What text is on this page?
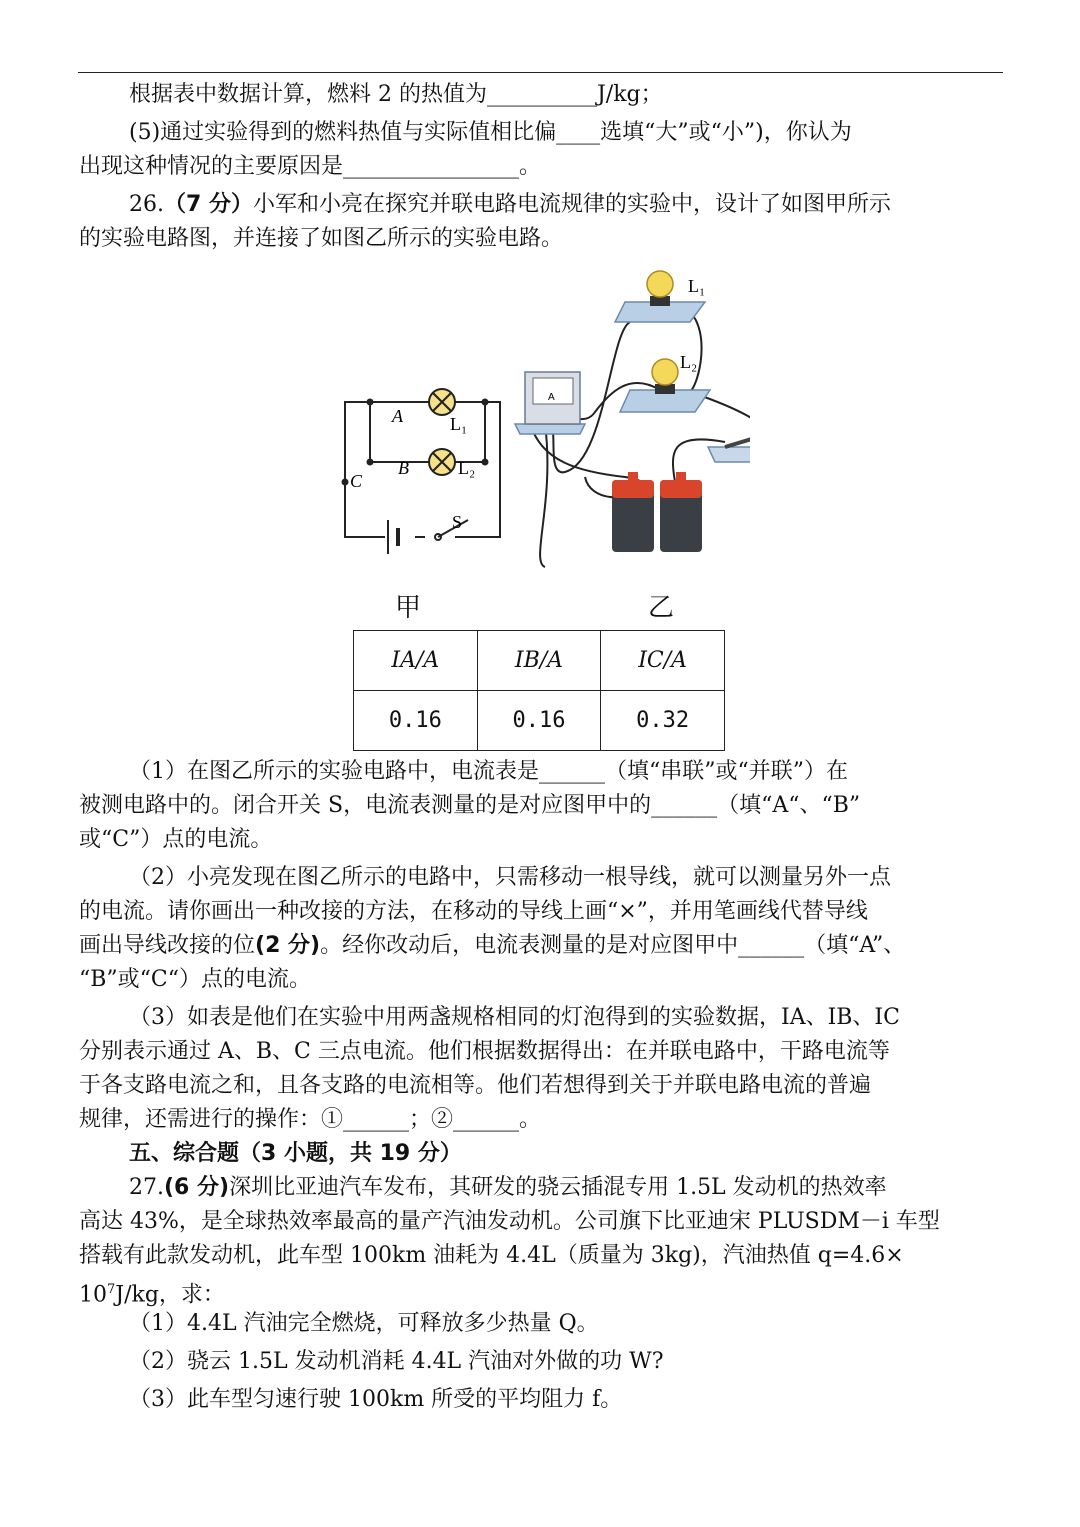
根据表中数据计算，燃料 2 的热值为__________J/kg；

(5)通过实验得到的燃料热值与实际值相比偏____选填“大”或“小”)，你认为

出现这种情况的主要原因是________________。

26.（7 分）小军和小亮在探究并联电路电流规律的实验中，设计了如图甲所示

的实验电路图，并连接了如图乙所示的实验电路。

A
B
C
L₁
L₂
S
L₁
L₂
A
甲	乙
IA/A	IB/A	IC/A
0.16	0.16	0.32

（1）在图乙所示的实验电路中，电流表是______（填“串联”或“并联”）在

被测电路中的。闭合开关 S，电流表测量的是对应图甲中的______（填“A“、“B”

或“C”）点的电流。

（2）小亮发现在图乙所示的电路中，只需移动一根导线，就可以测量另外一点

的电流。请你画出一种改接的方法，在移动的导线上画“×”，并用笔画线代替导线

画出导线改接的位(2 分)。经你改动后，电流表测量的是对应图甲中______（填“A”、

“B”或“C“）点的电流。

（3）如表是他们在实验中用两盏规格相同的灯泡得到的实验数据，IA、IB、IC

分别表示通过 A、B、C 三点电流。他们根据数据得出：在并联电路中，干路电流等

于各支路电流之和，且各支路的电流相等。他们若想得到关于并联电路电流的普遍

规律，还需进行的操作：①______；②______。

五、综合题（3 小题，共 19 分）

27.(6 分)深圳比亚迪汽车发布，其研发的骁云插混专用 1.5L 发动机的热效率

高达 43%，是全球热效率最高的量产汽油发动机。公司旗下比亚迪宋 PLUSDM－i 车型

搭载有此款发动机，此车型 100km 油耗为 4.4L（质量为 3kg)，汽油热值 q=4.6×

$10^7J/kg$，求：

（1）4.4L 汽油完全燃烧，可释放多少热量 Q。

（2）骁云 1.5L 发动机消耗 4.4L 汽油对外做的功 W?

（3）此车型匀速行驶 100km 所受的平均阻力 f。
